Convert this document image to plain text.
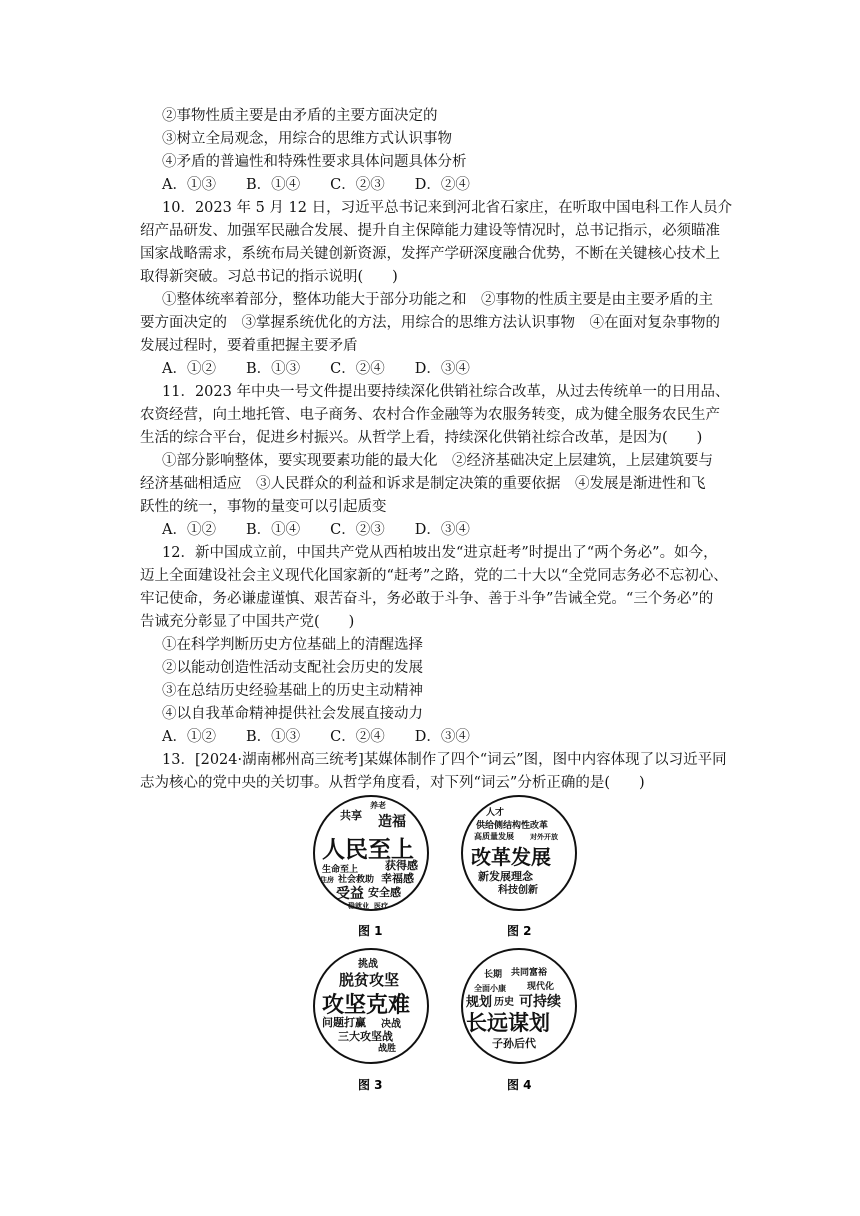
②事物性质主要是由矛盾的主要方面决定的
③树立全局观念，用综合的思维方式认识事物
④矛盾的普遍性和特殊性要求具体问题具体分析
A．①③ B．①④ C．②③ D．②④
10．2023 年 5 月 12 日，习近平总书记来到河北省石家庄，在听取中国电科工作人员介
绍产品研发、加强军民融合发展、提升自主保障能力建设等情况时，总书记指示，必须瞄准
国家战略需求，系统布局关键创新资源，发挥产学研深度融合优势，不断在关键核心技术上
取得新突破。习总书记的指示说明(　　)
①整体统率着部分，整体功能大于部分功能之和　②事物的性质主要是由主要矛盾的主
要方面决定的　③掌握系统优化的方法，用综合的思维方法认识事物　④在面对复杂事物的
发展过程时，要着重把握主要矛盾
A．①② B．①③ C．②④ D．③④
11．2023 年中央一号文件提出要持续深化供销社综合改革，从过去传统单一的日用品、
农资经营，向土地托管、电子商务、农村合作金融等为农服务转变，成为健全服务农民生产
生活的综合平台，促进乡村振兴。从哲学上看，持续深化供销社综合改革，是因为(　　)
①部分影响整体，要实现要素功能的最大化　②经济基础决定上层建筑，上层建筑要与
经济基础相适应　③人民群众的利益和诉求是制定决策的重要依据　④发展是渐进性和飞
跃性的统一，事物的量变可以引起质变
A．①② B．①④ C．②③ D．③④
12．新中国成立前，中国共产党从西柏坡出发“进京赶考”时提出了“两个务必”。如今，
迈上全面建设社会主义现代化国家新的“赶考”之路，党的二十大以“全党同志务必不忘初心、
牢记使命，务必谦虚谨慎、艰苦奋斗，务必敢于斗争、善于斗争”告诫全党。“三个务必”的
告诫充分彰显了中国共产党(　　)
①在科学判断历史方位基础上的清醒选择
②以能动创造性活动支配社会历史的发展
③在总结历史经验基础上的历史主动精神
④以自我革命精神提供社会发展直接动力
A．①② B．①③ C．②④ D．③④
13．[2024·湖南郴州高三统考]某媒体制作了四个“词云”图，图中内容体现了以习近平同
志为核心的党中央的关切事。从哲学角度看，对下列“词云”分析正确的是(　　)
共享
养老
造福
人民至上
生命至上 获得感
住房 社会救助 幸福感
受益 安全感
稳就业 医疗
图 1
人才
供给侧结构性改革
高质量发展 对外开放
改革发展
新发展理念
科技创新
图 2
挑战
脱贫攻坚
攻坚克难
问题打赢 决战
三大攻坚战
战胜
图 3
长期 共同富裕
全面小康 现代化
规划 历史 可持续
长远谋划
子孙后代
图 4
